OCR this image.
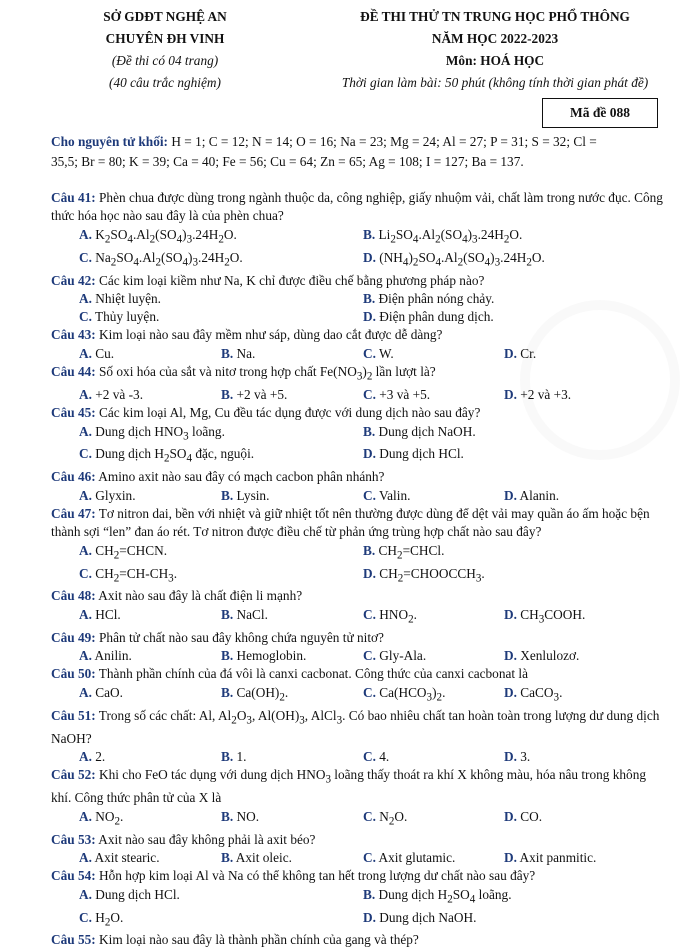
SỞ GDĐT NGHỆ AN
CHUYÊN ĐH VINH
(Đề thi có 04 trang)
(40 câu trắc nghiệm)
ĐỀ THI THỬ TN TRUNG HỌC PHỔ THÔNG
NĂM HỌC 2022-2023
Môn: HOÁ HỌC
Thời gian làm bài: 50 phút (không tính thời gian phát đề)
Mã đề 088
Cho nguyên tử khối: H = 1; C = 12; N = 14; O = 16; Na = 23; Mg = 24; Al = 27; P = 31; S = 32; Cl =
35,5; Br = 80; K = 39; Ca = 40; Fe = 56; Cu = 64; Zn = 65; Ag = 108; I = 127; Ba = 137.
Câu 41: Phèn chua được dùng trong ngành thuộc da, công nghiệp, giấy nhuộm vải, chất làm trong nước đục. Công thức hóa học nào sau đây là của phèn chua?
A. $K_2SO_4.Al_2(SO_4)_3.24H_2O$.	B. $Li_2SO_4.Al_2(SO_4)_3.24H_2O$.
C. $Na_2SO_4.Al_2(SO_4)_3.24H_2O$.	D. $(NH_4)_2SO_4.Al_2(SO_4)_3.24H_2O$.
Câu 42: Các kim loại kiềm như Na, K chỉ được điều chế bằng phương pháp nào?
A. Nhiệt luyện.	B. Điện phân nóng chảy.
C. Thủy luyện.	D. Điện phân dung dịch.
Câu 43: Kim loại nào sau đây mềm như sáp, dùng dao cắt được dễ dàng?
A. Cu.	B. Na.	C. W.	D. Cr.
Câu 44: Số oxi hóa của sắt và nitơ trong hợp chất $Fe(NO_3)_2$ lần lượt là?
A. +2 và -3.	B. +2 và +5.	C. +3 và +5.	D. +2 và +3.
Câu 45: Các kim loại Al, Mg, Cu đều tác dụng được với dung dịch nào sau đây?
A. Dung dịch $HNO_3$ loãng.	B. Dung dịch NaOH.
C. Dung dịch $H_2SO_4$ đặc, nguội.	D. Dung dịch HCl.
Câu 46: Amino axit nào sau đây có mạch cacbon phân nhánh?
A. Glyxin.	B. Lysin.	C. Valin.	D. Alanin.
Câu 47: Tơ nitron dai, bền với nhiệt và giữ nhiệt tốt nên thường được dùng để dệt vải may quần áo ấm hoặc bện thành sợi “len” đan áo rét. Tơ nitron được điều chế từ phản ứng trùng hợp chất nào sau đây?
A. $CH_2=CHCN$.	B. $CH_2=CHCl$.
C. $CH_2=CH-CH_3$.	D. $CH_2=CHOOCCH_3$.
Câu 48: Axit nào sau đây là chất điện li mạnh?
A. HCl.	B. NaCl.	C. $HNO_2$.	D. $CH_3COOH$.
Câu 49: Phân tử chất nào sau đây không chứa nguyên tử nitơ?
A. Anilin.	B. Hemoglobin.	C. Gly-Ala.	D. Xenlulozơ.
Câu 50: Thành phần chính của đá vôi là canxi cacbonat. Công thức của canxi cacbonat là
A. CaO.	B. $Ca(OH)_2$.	C. $Ca(HCO_3)_2$.	D. CaCO$_3$.
Câu 51: Trong số các chất: Al, $Al_2O_3$, $Al(OH)_3$, AlCl$_3$. Có bao nhiêu chất tan hoàn toàn trong lượng dư dung dịch NaOH?
A. 2.	B. 1.	C. 4.	D. 3.
Câu 52: Khi cho FeO tác dụng với dung dịch $HNO_3$ loãng thấy thoát ra khí X không màu, hóa nâu trong không khí. Công thức phân tử của X là
A. $NO_2$.	B. NO.	C. $N_2O$.	D. CO.
Câu 53: Axit nào sau đây không phải là axit béo?
A. Axit stearic.	B. Axit oleic.	C. Axit glutamic.	D. Axit panmitic.
Câu 54: Hỗn hợp kim loại Al và Na có thể không tan hết trong lượng dư chất nào sau đây?
A. Dung dịch HCl.	B. Dung dịch $H_2SO_4$ loãng.
C. $H_2O$.	D. Dung dịch NaOH.
Câu 55: Kim loại nào sau đây là thành phần chính của gang và thép?
